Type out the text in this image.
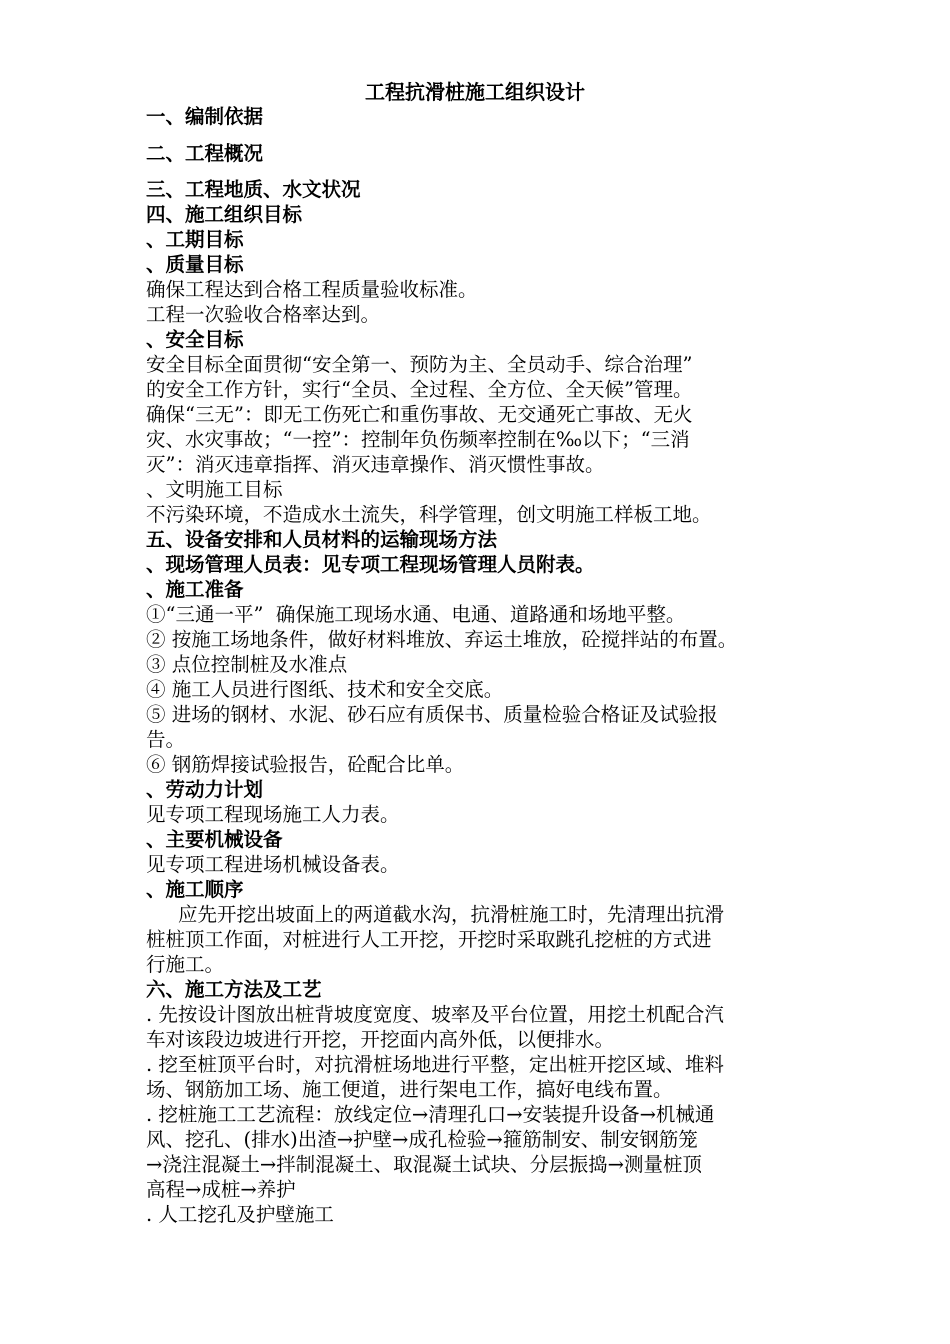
工程抗滑桩施工组织设计
一、编制依据
二、工程概况
三、工程地质、水文状况
四、施工组织目标
、工期目标
、质量目标
确保工程达到合格工程质量验收标准。
工程一次验收合格率达到。
、安全目标
安全目标全面贯彻“安全第一、预防为主、全员动手、综合治理”
的安全工作方针，实行“全员、全过程、全方位、全天候”管理。
确保“三无”：即无工伤死亡和重伤事故、无交通死亡事故、无火
灾、水灾事故；“一控”：控制年负伤频率控制在‰以下；“三消
灭”：消灭违章指挥、消灭违章操作、消灭惯性事故。
、文明施工目标
不污染环境，不造成水土流失，科学管理，创文明施工样板工地。
五、设备安排和人员材料的运输现场方法
、现场管理人员表：见专项工程现场管理人员附表。
、施工准备
①“三通一平”  确保施工现场水通、电通、道路通和场地平整。
② 按施工场地条件，做好材料堆放、弃运土堆放，砼搅拌站的布置。
③ 点位控制桩及水准点
④ 施工人员进行图纸、技术和安全交底。
⑤ 进场的钢材、水泥、砂石应有质保书、质量检验合格证及试验报
告。
⑥ 钢筋焊接试验报告，砼配合比单。
、劳动力计划
见专项工程现场施工人力表。
、主要机械设备
见专项工程进场机械设备表。
、施工顺序
应先开挖出坡面上的两道截水沟，抗滑桩施工时，先清理出抗滑
桩桩顶工作面，对桩进行人工开挖，开挖时采取跳孔挖桩的方式进
行施工。
六、施工方法及工艺
. 先按设计图放出桩背坡度宽度、坡率及平台位置，用挖土机配合汽
车对该段边坡进行开挖，开挖面内高外低，以便排水。
. 挖至桩顶平台时，对抗滑桩场地进行平整，定出桩开挖区域、堆料
场、钢筋加工场、施工便道，进行架电工作，搞好电线布置。
. 挖桩施工工艺流程：放线定位→清理孔口→安装提升设备→机械通
风、挖孔、(排水)出渣→护壁→成孔检验→箍筋制安、制安钢筋笼
→浇注混凝土→拌制混凝土、取混凝土试块、分层振捣→测量桩顶
高程→成桩→养护
. 人工挖孔及护壁施工
